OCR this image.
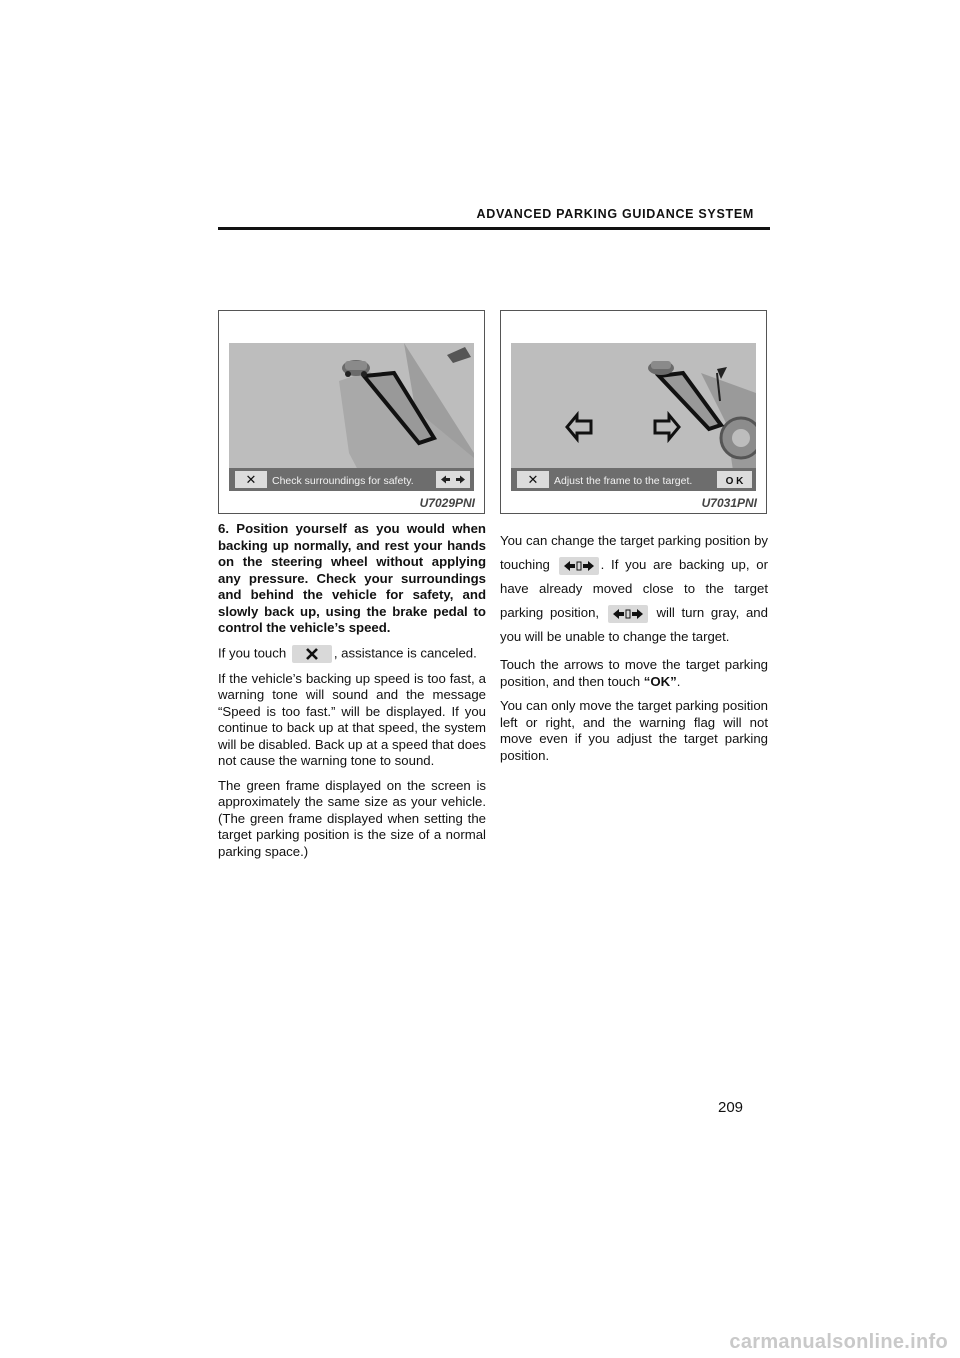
ADVANCED PARKING GUIDANCE SYSTEM
✕ Check surroundings for safety.
U7029PNI
✕ Adjust the frame to the target.	O K
U7031PNI

6. Position yourself as you would when backing up normally, and rest your hands on the steering wheel without applying any pressure. Check your surroundings and behind the vehicle for safety, and slowly back up, using the brake pedal to control the vehicle’s speed.

If you touch	, assistance is canceled.

If the vehicle’s backing up speed is too fast, a warning tone will sound and the message “Speed is too fast.” will be displayed. If you continue to back up at that speed, the system will be disabled. Back up at a speed that does not cause the warning tone to sound.

The green frame displayed on the screen is approximately the same size as your vehicle. (The green frame displayed when setting the target parking position is the size of a normal parking space.)

You can change the target parking position by touching	. If you are backing up, or have already moved close to the target parking position,	will turn gray, and you will be unable to change the target.

Touch the arrows to move the target parking position, and then touch “OK”.

You can only move the target parking position left or right, and the warning flag will not move even if you adjust the target parking position.

209
carmanualsonline.info
